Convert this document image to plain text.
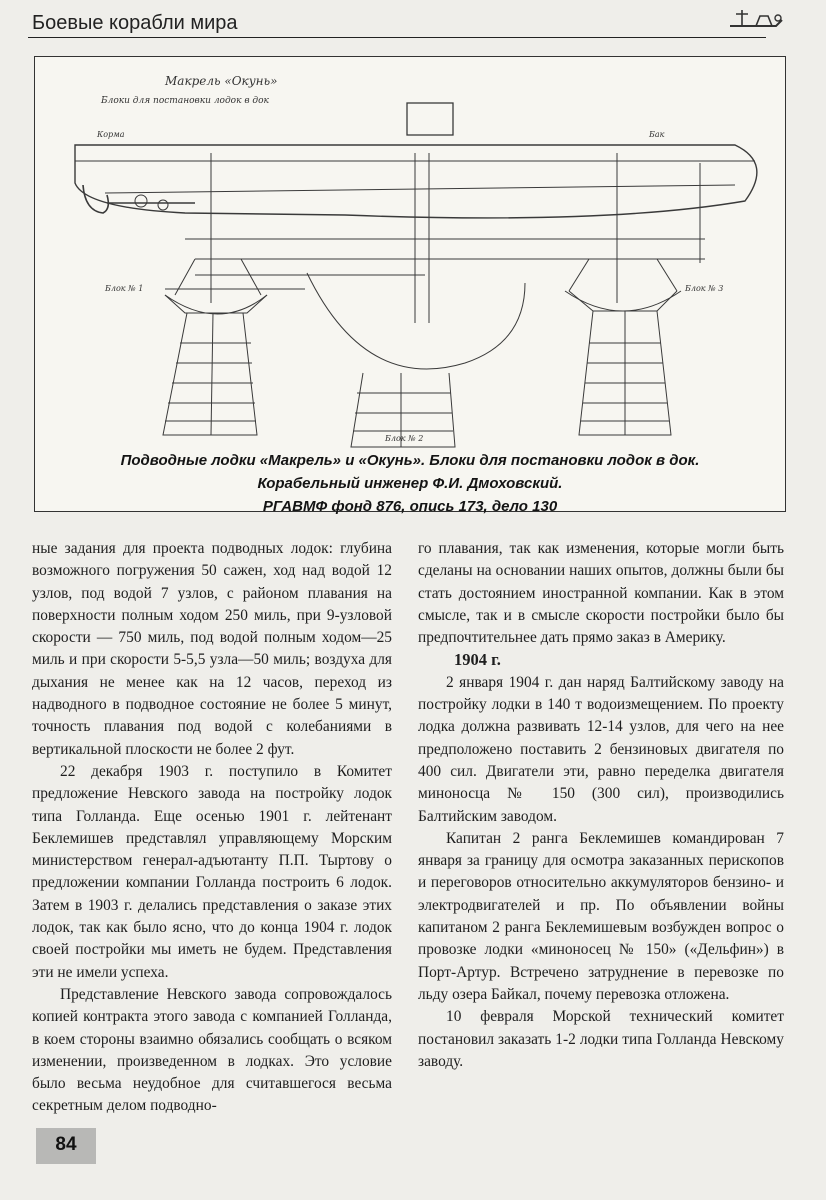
Боевые корабли мира
Макрель «Окунь»
Блоки для постановки лодок в док
Бак
Корма
Блок № 1
Блок № 2
Блок № 3
Подводные лодки «Макрель» и «Окунь». Блоки для постановки лодок в док.
Корабельный инженер Ф.И. Дмоховский.
РГАВМФ фонд 876, опись 173, дело 130

ные задания для проекта подводных лодок: глубина возможного погружения 50 сажен, ход над водой 12 узлов, под водой 7 узлов, с районом плавания на поверхности полным ходом 250 миль, при 9-узловой скорости — 750 миль, под водой полным ходом—25 миль и при скорости 5-5,5 узла—50 миль; воздуха для дыхания не менее как на 12 часов, переход из надводного в подводное состояние не более 5 минут, точность плавания под водой с колебаниями в вертикальной плоскости не более 2 фут.

22 декабря 1903 г. поступило в Комитет предложение Невского завода на постройку лодок типа Голланда. Еще осенью 1901 г. лейтенант Беклемишев представлял управляющему Морским министерством генерал-адъютанту П.П. Тыртову о предложении компании Голланда построить 6 лодок. Затем в 1903 г. делались представления о заказе этих лодок, так как было ясно, что до конца 1904 г. лодок своей постройки мы иметь не будем. Представления эти не имели успеха.

Представление Невского завода сопровождалось копией контракта этого завода с компанией Голланда, в коем стороны взаимно обязались сообщать о всяком изменении, произведенном в лодках. Это условие было весьма неудобное для считавшегося весьма секретным делом подводно-

го плавания, так как изменения, которые могли быть сделаны на основании наших опытов, должны были бы стать достоянием иностранной компании. Как в этом смысле, так и в смысле скорости постройки было бы предпочтительнее дать прямо заказ в Америку.

1904 г.

2 января 1904 г. дан наряд Балтийскому заводу на постройку лодки в 140 т водоизмещением. По проекту лодка должна развивать 12-14 узлов, для чего на нее предположено поставить 2 бензиновых двигателя по 400 сил. Двигатели эти, равно переделка двигателя миноносца № 150 (300 сил), производились Балтийским заводом.

Капитан 2 ранга Беклемишев командирован 7 января за границу для осмотра заказанных перископов и переговоров относительно аккумуляторов бензино- и электродвигателей и пр. По объявлении войны капитаном 2 ранга Беклемишевым возбужден вопрос о провозке лодки «миноносец № 150» («Дельфин») в Порт-Артур. Встречено затруднение в перевозке по льду озера Байкал, почему перевозка отложена.

10 февраля Морской технический комитет постановил заказать 1-2 лодки типа Голланда Невскому заводу.

84
